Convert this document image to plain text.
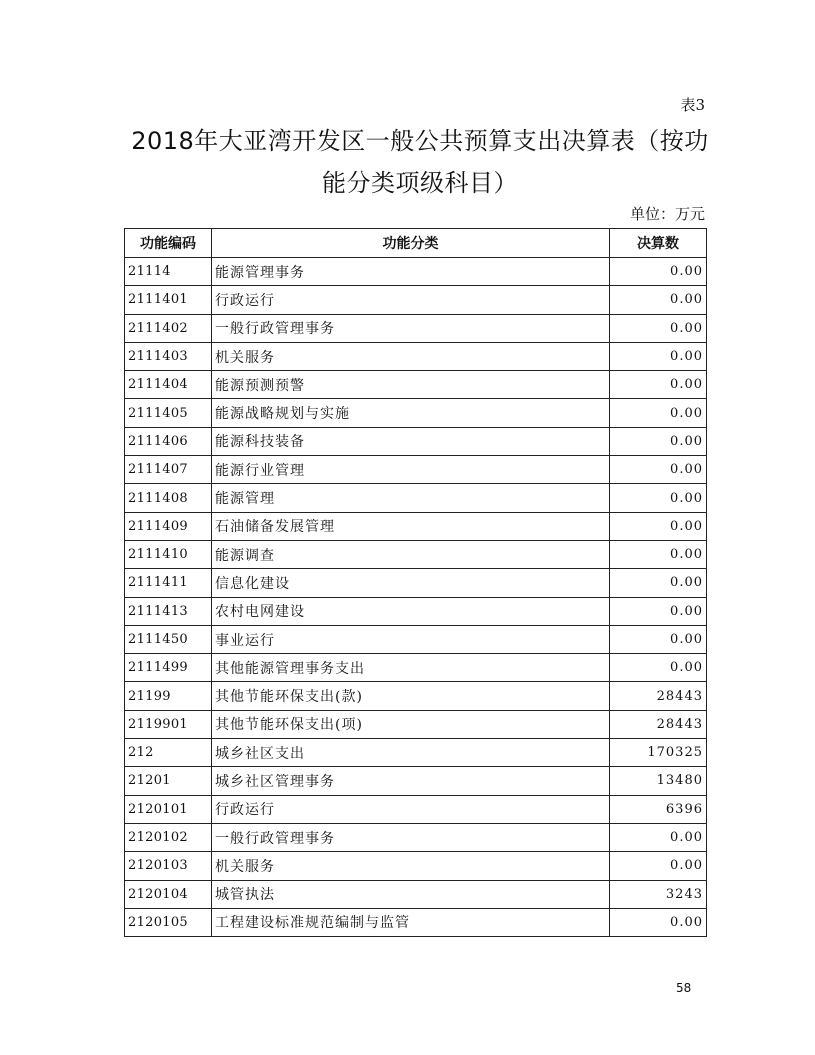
表3
2018年大亚湾开发区一般公共预算支出决算表（按功能分类项级科目）
单位：万元
功能编码	功能分类	决算数
21114	能源管理事务	0.00
2111401	行政运行	0.00
2111402	一般行政管理事务	0.00
2111403	机关服务	0.00
2111404	能源预测预警	0.00
2111405	能源战略规划与实施	0.00
2111406	能源科技装备	0.00
2111407	能源行业管理	0.00
2111408	能源管理	0.00
2111409	石油储备发展管理	0.00
2111410	能源调查	0.00
2111411	信息化建设	0.00
2111413	农村电网建设	0.00
2111450	事业运行	0.00
2111499	其他能源管理事务支出	0.00
21199	其他节能环保支出(款)	28443
2119901	其他节能环保支出(项)	28443
212	城乡社区支出	170325
21201	城乡社区管理事务	13480
2120101	行政运行	6396
2120102	一般行政管理事务	0.00
2120103	机关服务	0.00
2120104	城管执法	3243
2120105	工程建设标准规范编制与监管	0.00
58
